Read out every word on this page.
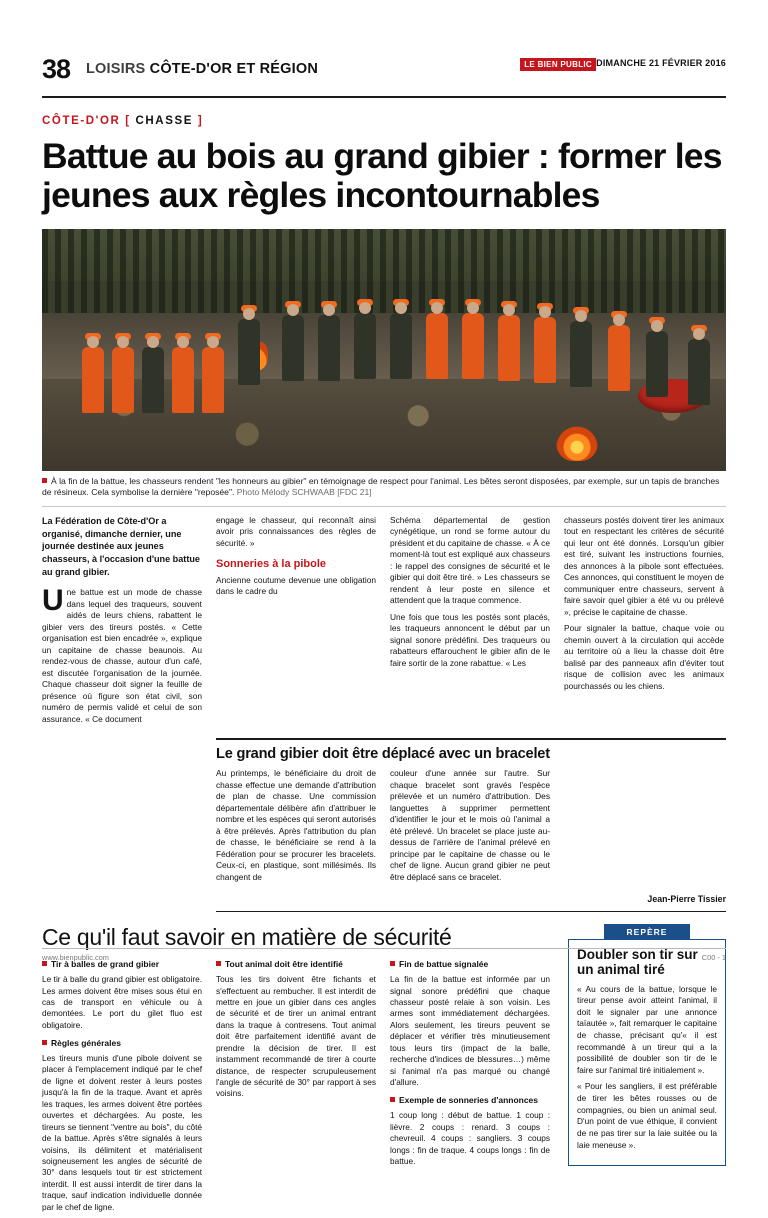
38 LOISIRS CÔTE-D'OR ET RÉGION	LE BIEN PUBLIC DIMANCHE 21 FÉVRIER 2016
CÔTE-D'OR [ CHASSE ]
Battue au bois au grand gibier : former les jeunes aux règles incontournables
À la fin de la battue, les chasseurs rendent "les honneurs au gibier" en témoignage de respect pour l'animal. Les bêtes seront disposées, par exemple, sur un tapis de branches de résineux. Cela symbolise la dernière "reposée". Photo Mélody SCHWAAB [FDC 21]

La Fédération de Côte-d'Or a organisé, dimanche dernier, une journée destinée aux jeunes chasseurs, à l'occasion d'une battue au grand gibier.

Une battue est un mode de chasse dans lequel des traqueurs, souvent aidés de leurs chiens, rabattent le gibier vers des tireurs postés. « Cette organisation est bien encadrée », explique un capitaine de chasse beaunois. Au rendez-vous de chasse, autour d'un café, est discutée l'organisation de la journée. Chaque chasseur doit signer la feuille de présence où figure son état civil, son numéro de permis validé et celui de son assurance. « Ce document

engage le chasseur, qui reconnaît ainsi avoir pris connaissances des règles de sécurité. »

Sonneries à la pibole

Ancienne coutume devenue une obligation dans le cadre du

Schéma départemental de gestion cynégétique, un rond se forme autour du président et du capitaine de chasse. « À ce moment-là tout est expliqué aux chasseurs : le rappel des consignes de sécurité et le gibier qui doit être tiré. » Les chasseurs se rendent à leur poste en silence et attendent que la traque commence.

Une fois que tous les postés sont placés, les traqueurs annoncent le début par un signal sonore prédéfini. Des traqueurs ou rabatteurs effarouchent le gibier afin de le faire sortir de la zone rabattue. « Les

chasseurs postés doivent tirer les animaux tout en respectant les critères de sécurité qui leur ont été donnés. Lorsqu'un gibier est tiré, suivant les instructions fournies, des annonces à la pibole sont effectuées. Ces annonces, qui constituent le moyen de communiquer entre chasseurs, servent à faire savoir quel gibier a été vu ou prélevé », précise le capitaine de chasse.

Pour signaler la battue, chaque voie ou chemin ouvert à la circulation qui accède au territoire où a lieu la chasse doit être balisé par des panneaux afin d'éviter tout risque de collision avec les animaux pourchassés ou les chiens.

Le grand gibier doit être déplacé avec un bracelet

Au printemps, le bénéficiaire du droit de chasse effectue une demande d'attribution de plan de chasse. Une commission départementale délibère afin d'attribuer le nombre et les espèces qui seront autorisés à être prélevés. Après l'attribution du plan de chasse, le bénéficiaire se rend à la Fédération pour se procurer les bracelets. Ceux-ci, en plastique, sont millésimés. Ils changent de

couleur d'une année sur l'autre. Sur chaque bracelet sont gravés l'espèce prélevée et un numéro d'attribution. Des languettes à supprimer permettent d'identifier le jour et le mois où l'animal a été prélevé. Un bracelet se place juste au-dessus de l'arrière de l'animal prélevé en principe par le capitaine de chasse ou le chef de ligne. Aucun grand gibier ne peut être déplacé sans ce bracelet.

Jean-Pierre Tissier
Ce qu'il faut savoir en matière de sécurité
Tir à balles de grand gibier

Le tir à balle du grand gibier est obligatoire. Les armes doivent être mises sous étui en cas de transport en véhicule ou à demontées. Le port du gilet fluo est obligatoire.

Règles générales

Les tireurs munis d'une pibole doivent se placer à l'emplacement indiqué par le chef de ligne et doivent rester à leurs postes jusqu'à la fin de la traque. Avant et après les traques, les armes doivent être portées ouvertes et déchargées. Au poste, les tireurs se tiennent "ventre au bois", du côté de la battue. Après s'être signalés à leurs voisins, ils délimitent et matérialisent soigneusement les angles de sécurité de 30° dans lesquels tout tir est strictement interdit. Il est aussi interdit de tirer dans la traque, sauf indication individuelle donnée par le chef de ligne.

Tout animal doit être identifié

Tous les tirs doivent être fichants et s'effectuent au rembucher. Il est interdit de mettre en joue un gibier dans ces angles de sécurité et de tirer un animal entrant dans la traque à contresens. Tout animal doit être parfaitement identifié avant de prendre la décision de tirer. Il est instamment recommandé de tirer à courte distance, de respecter scrupuleusement l'angle de sécurité de 30° par rapport à ses voisins.

Fin de battue signalée

La fin de la battue est informée par un signal sonore prédéfini que chaque chasseur posté relaie à son voisin. Les armes sont immédiatement déchargées. Alors seulement, les tireurs peuvent se déplacer et vérifier très minutieusement tous leurs tirs (impact de la balle, recherche d'indices de blessures…) même si l'animal n'a pas marqué ou changé d'allure.

Exemple de sonneries d'annonces

1 coup long : début de battue. 1 coup : lièvre. 2 coups : renard. 3 coups : chevreuil. 4 coups : sangliers. 3 coups longs : fin de traque. 4 coups longs : fin de battue.

REPÈRE
Doubler son tir sur un animal tiré

« Au cours de la battue, lorsque le tireur pense avoir atteint l'animal, il doit le signaler par une annonce taïautée », fait remarquer le capitaine de chasse, précisant qu'« il est recommandé à un tireur qui a la possibilité de doubler son tir de le faire sur l'animal tiré initialement ».

« Pour les sangliers, il est préférable de tirer les bêtes rousses ou de compagnies, ou bien un animal seul. D'un point de vue éthique, il convient de ne pas tirer sur la laie suitée ou la laie meneuse ».

www.bienpublic.com	C00 - 1
